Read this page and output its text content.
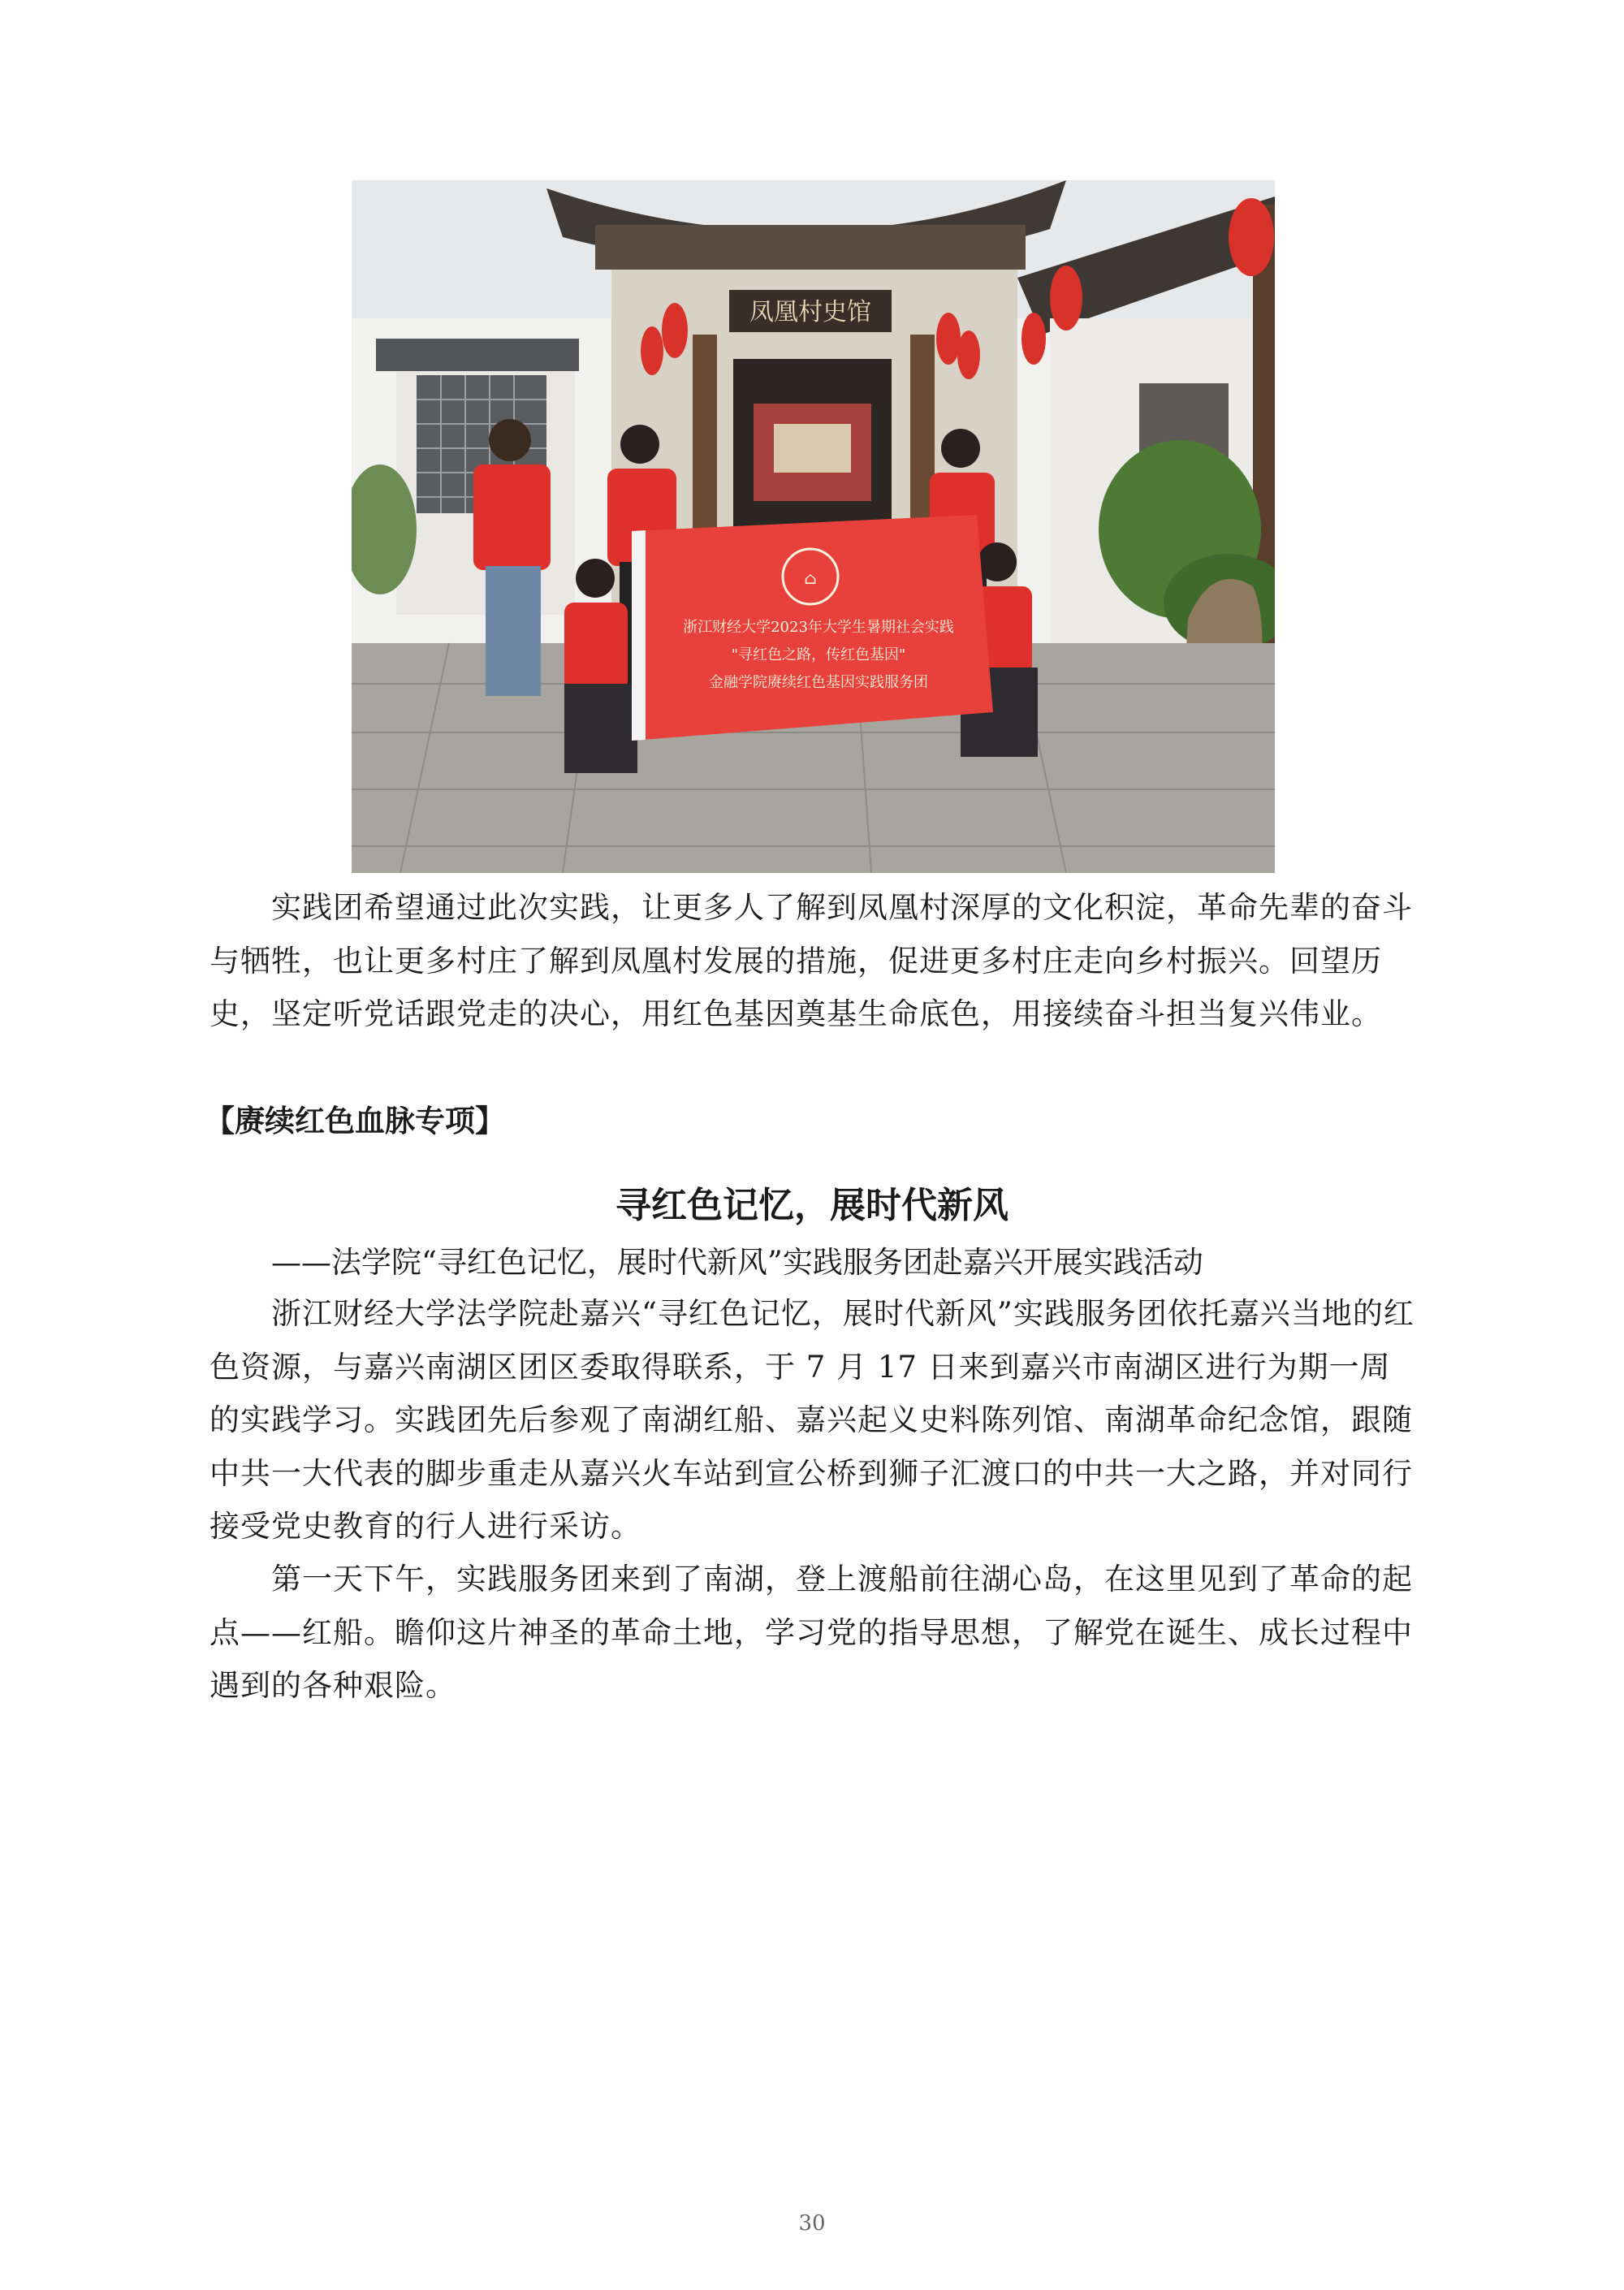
凤凰村史馆
⌂
浙江财经大学2023年大学生暑期社会实践
"寻红色之路，传红色基因"
金融学院赓续红色基因实践服务团

实践团希望通过此次实践，让更多人了解到凤凰村深厚的文化积淀，革命先辈的奋斗与牺牲，也让更多村庄了解到凤凰村发展的措施，促进更多村庄走向乡村振兴。回望历史，坚定听党话跟党走的决心，用红色基因奠基生命底色，用接续奋斗担当复兴伟业。

【赓续红色血脉专项】

寻红色记忆，展时代新风

——法学院“寻红色记忆，展时代新风”实践服务团赴嘉兴开展实践活动

浙江财经大学法学院赴嘉兴“寻红色记忆，展时代新风”实践服务团依托嘉兴当地的红色资源，与嘉兴南湖区团区委取得联系，于 7 月 17 日来到嘉兴市南湖区进行为期一周的实践学习。实践团先后参观了南湖红船、嘉兴起义史料陈列馆、南湖革命纪念馆，跟随中共一大代表的脚步重走从嘉兴火车站到宣公桥到狮子汇渡口的中共一大之路，并对同行接受党史教育的行人进行采访。

第一天下午，实践服务团来到了南湖，登上渡船前往湖心岛，在这里见到了革命的起点——红船。瞻仰这片神圣的革命土地，学习党的指导思想，了解党在诞生、成长过程中遇到的各种艰险。

30
